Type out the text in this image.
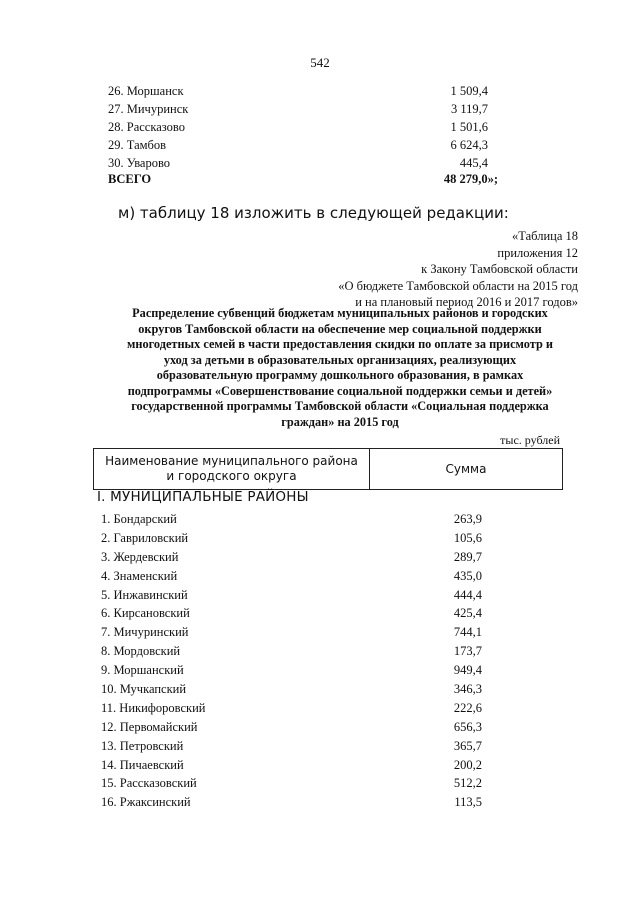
542
26. Моршанск	1 509,4
27. Мичуринск	3 119,7
28. Рассказово	1 501,6
29. Тамбов	6 624,3
30. Уварово	445,4
ВСЕГО	48 279,0»;
м) таблицу 18 изложить в следующей редакции:
«Таблица 18
приложения 12
к Закону Тамбовской области
«О бюджете Тамбовской области на 2015 год
и на плановый период 2016 и 2017 годов»
Распределение субвенций бюджетам муниципальных районов и городских
округов Тамбовской области на обеспечение мер социальной поддержки
многодетных семей в части предоставления скидки по оплате за присмотр и
уход за детьми в образовательных организациях, реализующих
образовательную программу дошкольного образования, в рамках
подпрограммы «Совершенствование социальной поддержки семьи и детей»
государственной программы Тамбовской области «Социальная поддержка
граждан» на 2015 год
тыс. рублей
Наименование муниципального района
и городского округа
Сумма
I. МУНИЦИПАЛЬНЫЕ РАЙОНЫ
1. Бондарский	263,9
2. Гавриловский	105,6
3. Жердевский	289,7
4. Знаменский	435,0
5. Инжавинский	444,4
6. Кирсановский	425,4
7. Мичуринский	744,1
8. Мордовский	173,7
9. Моршанский	949,4
10. Мучкапский	346,3
11. Никифоровский	222,6
12. Первомайский	656,3
13. Петровский	365,7
14. Пичаевский	200,2
15. Рассказовский	512,2
16. Ржаксинский	113,5
